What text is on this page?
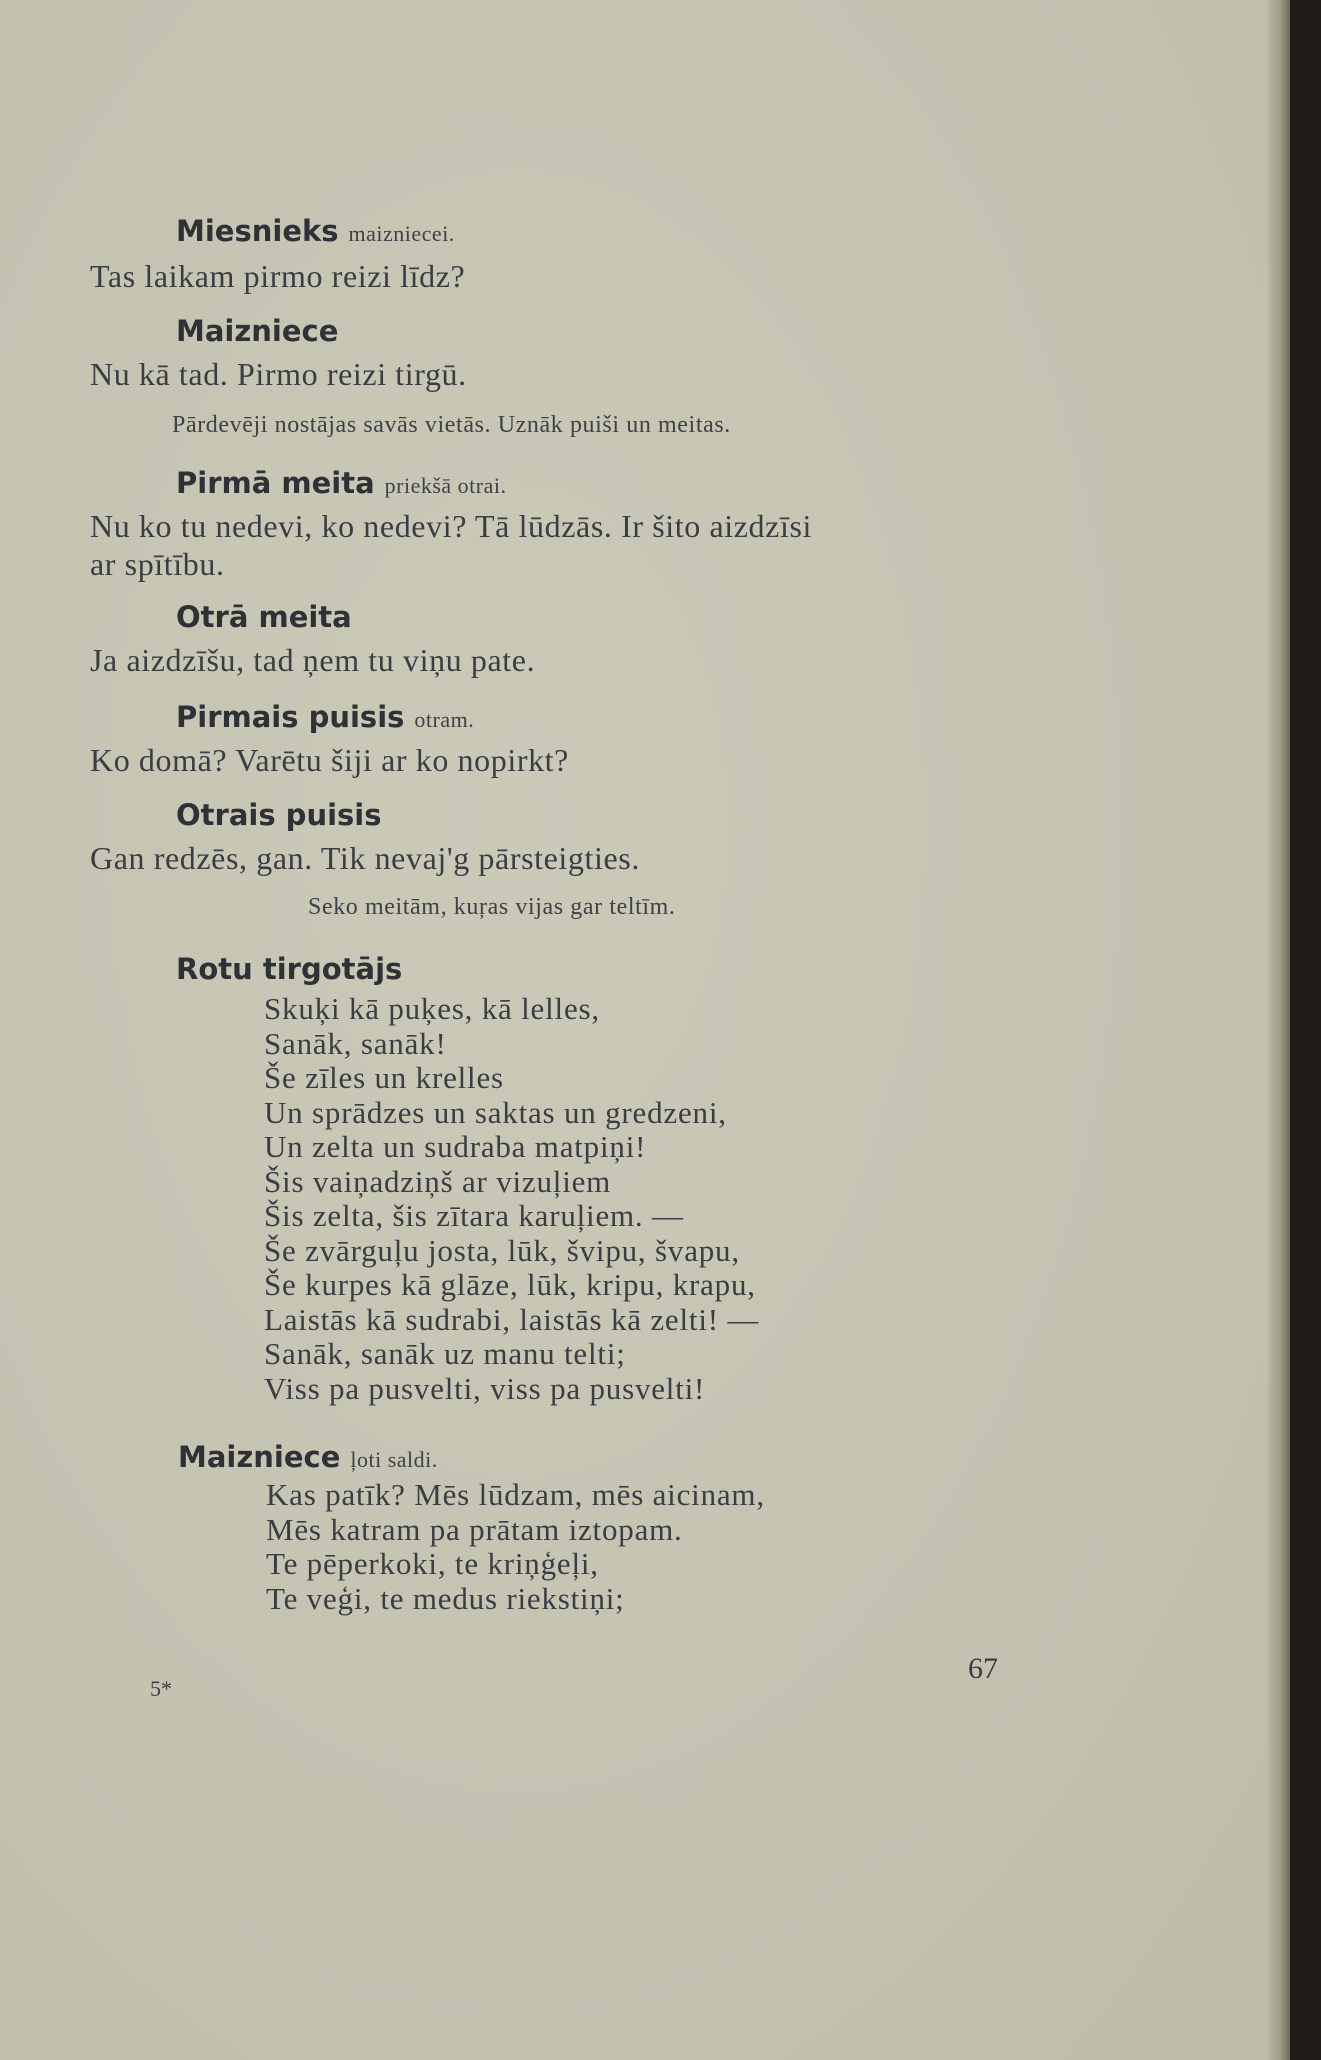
Miesnieks maizniecei.
Tas laikam pirmo reizi līdz?
Maizniece
Nu kā tad. Pirmo reizi tirgū.
Pārdevēji nostājas savās vietās. Uznāk puiši un meitas.
Pirmā meita priekšā otrai.
Nu ko tu nedevi, ko nedevi? Tā lūdzās. Ir šito aizdzīsi
ar spītību.
Otrā meita
Ja aizdzīšu, tad ņem tu viņu pate.
Pirmais puisis otram.
Ko domā? Varētu šiji ar ko nopirkt?
Otrais puisis
Gan redzēs, gan. Tik nevaj'g pārsteigties.
Seko meitām, kuŗas vijas gar teltīm.
Rotu tirgotājs
Skuķi kā puķes, kā lelles,
Sanāk, sanāk!
Še zīles un krelles
Un sprādzes un saktas un gredzeni,
Un zelta un sudraba matpiņi!
Šis vaiņadziņš ar vizuļiem
Šis zelta, šis zītara karuļiem. —
Še zvārguļu josta, lūk, švipu, švapu,
Še kurpes kā glāze, lūk, kripu, krapu,
Laistās kā sudrabi, laistās kā zelti! —
Sanāk, sanāk uz manu telti;
Viss pa pusvelti, viss pa pusvelti!
Maizniece ļoti saldi.
Kas patīk? Mēs lūdzam, mēs aicinam,
Mēs katram pa prātam iztopam.
Te pēperkoki, te kriņģeļi,
Te veģi, te medus riekstiņi;
5*
67
